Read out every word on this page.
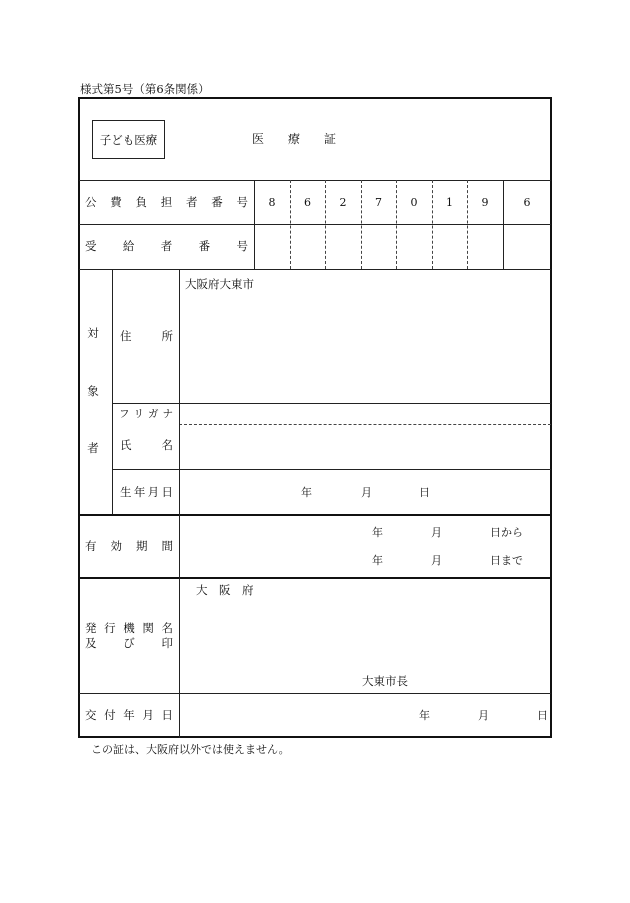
様式第5号（第6条関係）
子ども医療	医　　療　　証
公 費 負 担 者 番 号	8	6	2	7	0	1	9	6
受 給 者 番 号
対
象
者
住	所
大阪府大東市
フ リ ガ ナ
氏	名
生 年 月 日	年	月	日
有 効 期 間
年	月	日から
年	月	日まで
発 行 機 関 名
及 び 印
大　阪　府
大東市長
交 付 年 月 日	年	月	日
この証は、大阪府以外では使えません。
